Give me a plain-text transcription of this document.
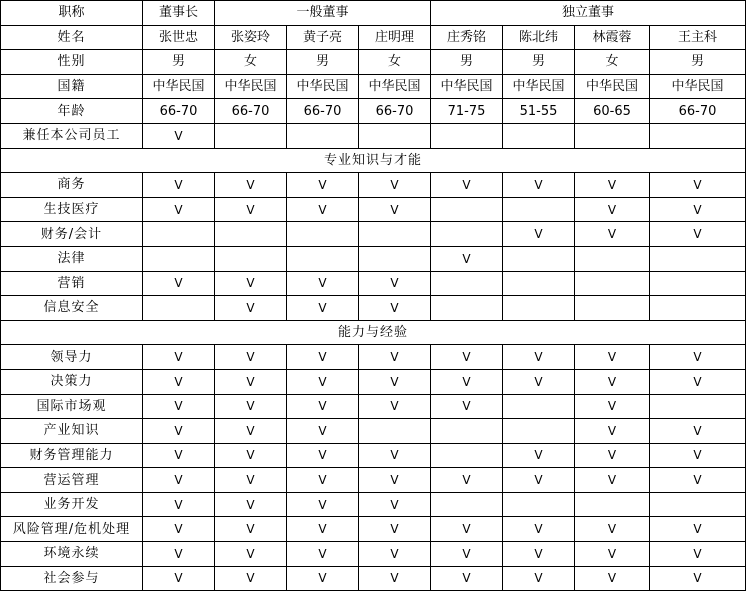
职称	董事长	一般董事			独立董事			
姓名	张世忠	张姿玲	黄子亮	庄明理	庄秀铭	陈北纬	林霞蓉	王主科
性别	男	女	男	女	男	男	女	男
国籍	中华民国	中华民国	中华民国	中华民国	中华民国	中华民国	中华民国	中华民国
年龄	66-70	66-70	66-70	66-70	71-75	51-55	60-65	66-70
兼任本公司员工	V							
专业知识与才能								
商务	V	V	V	V	V	V	V	V
生技医疗	V	V	V	V			V	V
财务/会计						V	V	V
法律					V			
营销	V	V	V	V				
信息安全		V	V	V				
能力与经验								
领导力	V	V	V	V	V	V	V	V
决策力	V	V	V	V	V	V	V	V
国际市场观	V	V	V	V	V		V	
产业知识	V	V	V				V	V
财务管理能力	V	V	V	V		V	V	V
营运管理	V	V	V	V	V	V	V	V
业务开发	V	V	V	V				
风险管理/危机处理	V	V	V	V	V	V	V	V
环境永续	V	V	V	V	V	V	V	V
社会参与	V	V	V	V	V	V	V	V
